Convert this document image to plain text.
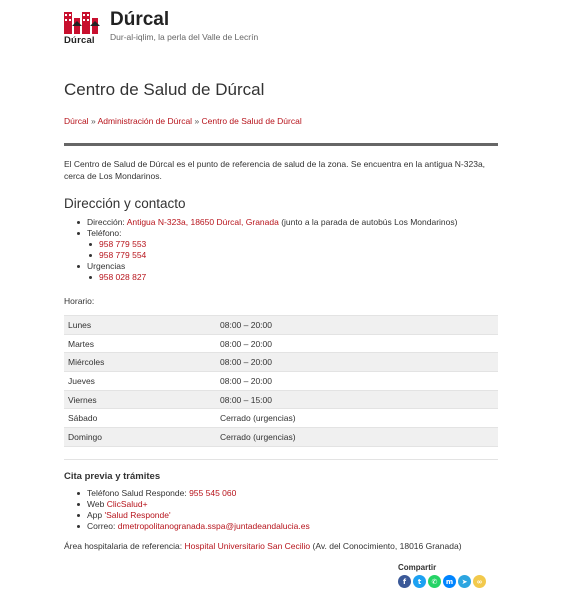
Dúrcal
Dúrcal
Dur-al-iqlim, la perla del Valle de Lecrín
Centro de Salud de Dúrcal
Dúrcal » Administración de Dúrcal » Centro de Salud de Dúrcal

El Centro de Salud de Dúrcal es el punto de referencia de salud de la zona. Se encuentra en la antigua N-323a, cerca de Los Mondarinos.

Dirección y contacto
Dirección: Antigua N-323a, 18650 Dúrcal, Granada (junto a la parada de autobús Los Mondarinos)
Teléfono:
958 779 553
958 779 554
Urgencias
958 028 827
Horario:
Lunes	08:00 – 20:00
Martes	08:00 – 20:00
Miércoles	08:00 – 20:00
Jueves	08:00 – 20:00
Viernes	08:00 – 15:00
Sábado	Cerrado (urgencias)
Domingo	Cerrado (urgencias)
Cita previa y trámites
Teléfono Salud Responde: 955 545 060
Web ClicSalud+
App 'Salud Responde'
Correo: dmetropolitanogranada.sspa@juntadeandalucia.es

Área hospitalaria de referencia: Hospital Universitario San Cecilio (Av. del Conocimiento, 18016 Granada)

Compartir
f	t	✆	m	➤	∞
